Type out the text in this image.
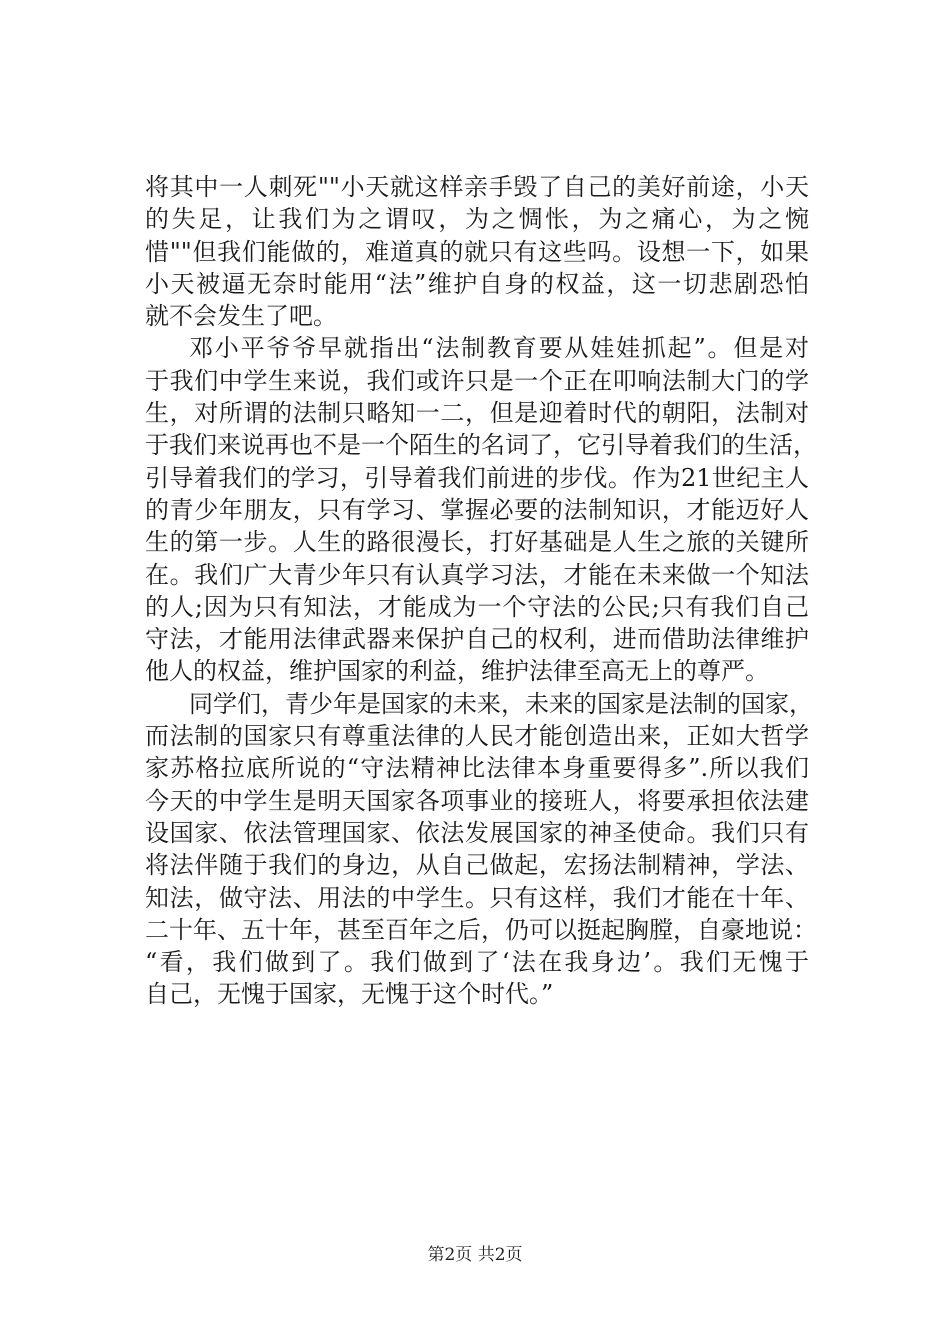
将其中一人刺死""小天就这样亲手毁了自己的美好前途，小天
的失足，让我们为之谓叹，为之惆怅，为之痛心，为之惋
惜""但我们能做的，难道真的就只有这些吗。设想一下，如果
小天被逼无奈时能用“法”维护自身的权益，这一切悲剧恐怕
就不会发生了吧。
邓小平爷爷早就指出“法制教育要从娃娃抓起”。但是对
于我们中学生来说，我们或许只是一个正在叩响法制大门的学
生，对所谓的法制只略知一二，但是迎着时代的朝阳，法制对
于我们来说再也不是一个陌生的名词了，它引导着我们的生活，
引导着我们的学习，引导着我们前进的步伐。作为21世纪主人
的青少年朋友，只有学习、掌握必要的法制知识，才能迈好人
生的第一步。人生的路很漫长，打好基础是人生之旅的关键所
在。我们广大青少年只有认真学习法，才能在未来做一个知法
的人;因为只有知法，才能成为一个守法的公民;只有我们自己
守法，才能用法律武器来保护自己的权利，进而借助法律维护
他人的权益，维护国家的利益，维护法律至高无上的尊严。
同学们，青少年是国家的未来，未来的国家是法制的国家，
而法制的国家只有尊重法律的人民才能创造出来，正如大哲学
家苏格拉底所说的“守法精神比法律本身重要得多”.所以我们
今天的中学生是明天国家各项事业的接班人，将要承担依法建
设国家、依法管理国家、依法发展国家的神圣使命。我们只有
将法伴随于我们的身边，从自己做起，宏扬法制精神，学法、
知法，做守法、用法的中学生。只有这样，我们才能在十年、
二十年、五十年，甚至百年之后，仍可以挺起胸膛，自豪地说：
“看，我们做到了。我们做到了‘法在我身边’。我们无愧于
自己，无愧于国家，无愧于这个时代。”
第2页 共2页
